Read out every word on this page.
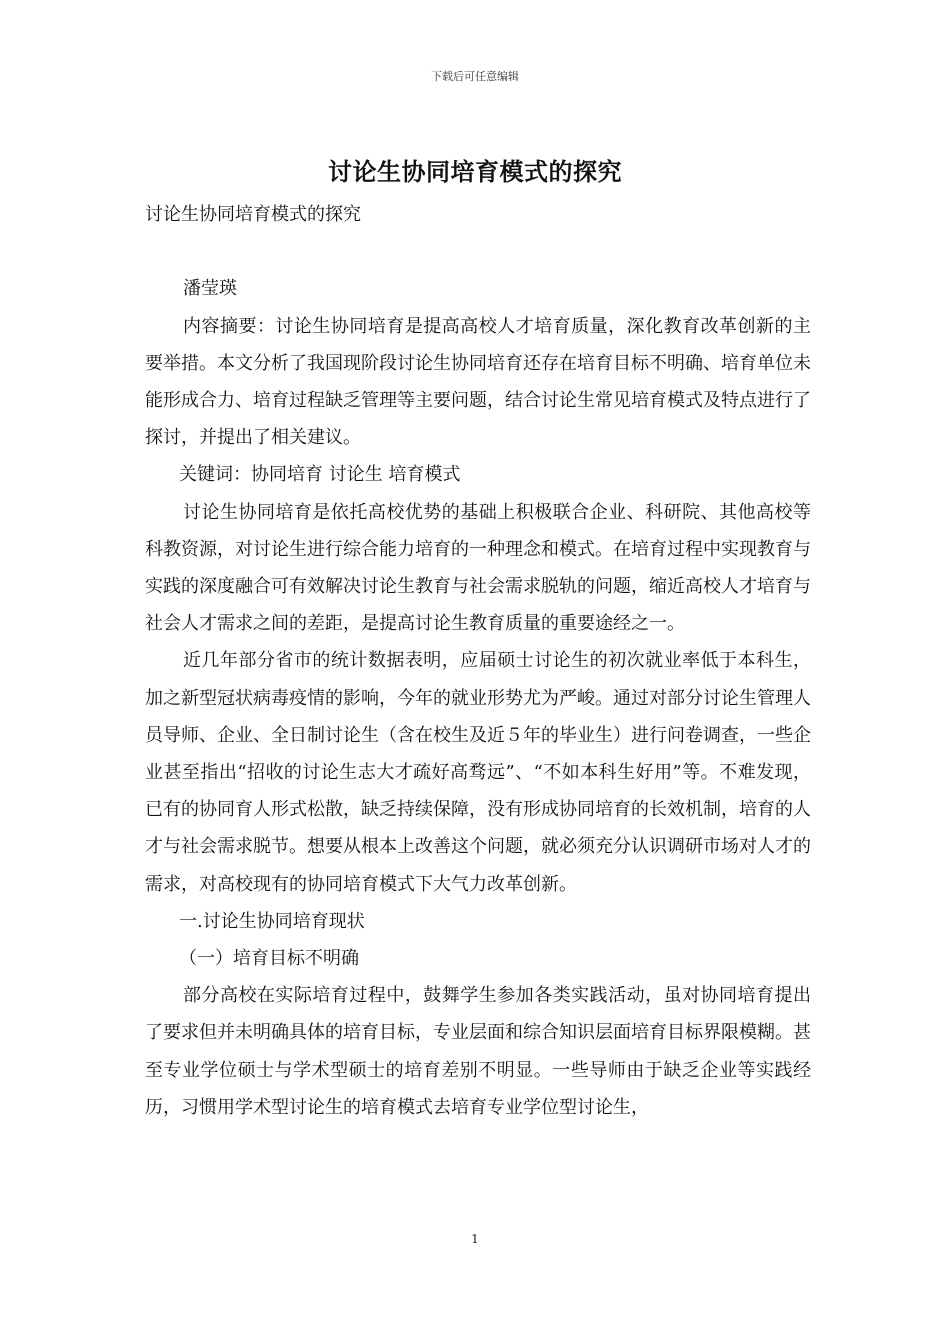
下载后可任意编辑
讨论生协同培育模式的探究

讨论生协同培育模式的探究

潘莹瑛

内容摘要：讨论生协同培育是提高高校人才培育质量，深化教育改革创新的主要举措。本文分析了我国现阶段讨论生协同培育还存在培育目标不明确、培育单位未能形成合力、培育过程缺乏管理等主要问题，结合讨论生常见培育模式及特点进行了探讨，并提出了相关建议。

关键词：协同培育 讨论生 培育模式

讨论生协同培育是依托高校优势的基础上积极联合企业、科研院、其他高校等科教资源，对讨论生进行综合能力培育的一种理念和模式。在培育过程中实现教育与实践的深度融合可有效解决讨论生教育与社会需求脱轨的问题，缩近高校人才培育与社会人才需求之间的差距，是提高讨论生教育质量的重要途经之一。

近几年部分省市的统计数据表明，应届硕士讨论生的初次就业率低于本科生，加之新型冠状病毒疫情的影响，今年的就业形势尤为严峻。通过对部分讨论生管理人员导师、企业、全日制讨论生（含在校生及近５年的毕业生）进行问卷调查，一些企业甚至指出“招收的讨论生志大才疏好高骛远”、“不如本科生好用”等。不难发现，已有的协同育人形式松散，缺乏持续保障，没有形成协同培育的长效机制，培育的人才与社会需求脱节。想要从根本上改善这个问题，就必须充分认识调研市场对人才的需求，对高校现有的协同培育模式下大气力改革创新。

一.讨论生协同培育现状

（一）培育目标不明确

部分高校在实际培育过程中，鼓舞学生参加各类实践活动，虽对协同培育提出了要求但并未明确具体的培育目标，专业层面和综合知识层面培育目标界限模糊。甚至专业学位硕士与学术型硕士的培育差别不明显。一些导师由于缺乏企业等实践经历，习惯用学术型讨论生的培育模式去培育专业学位型讨论生，

1
